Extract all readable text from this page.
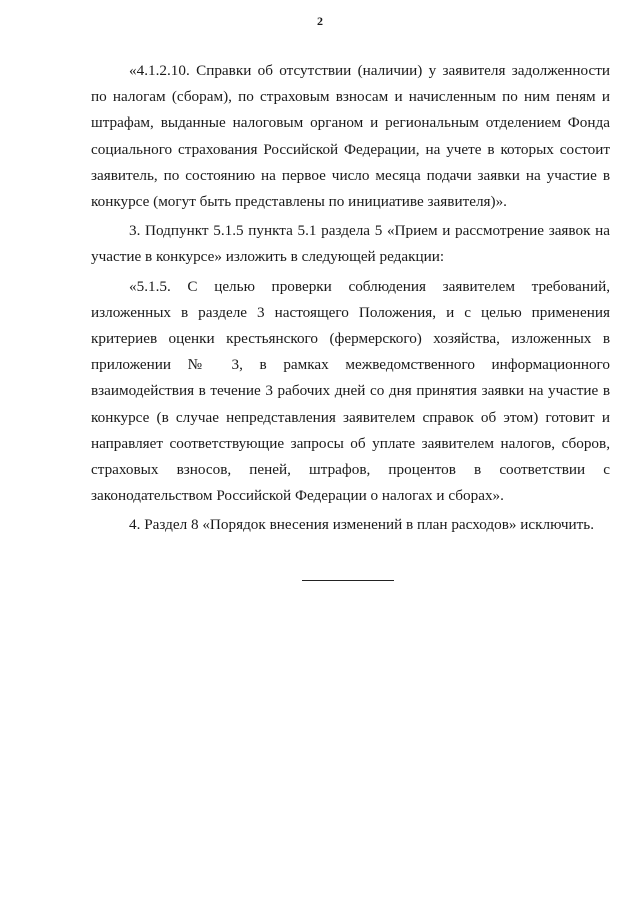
2

«4.1.2.10. Справки об отсутствии (наличии) у заявителя задолженности по налогам (сборам), по страховым взносам и начисленным по ним пеням и штрафам, выданные налоговым органом и региональным отделением Фонда социального страхования Российской Федерации, на учете в которых состоит заявитель, по состоянию на первое число месяца подачи заявки на участие в конкурсе (могут быть представлены по инициативе заявителя)».

3. Подпункт 5.1.5 пункта 5.1 раздела 5 «Прием и рассмотрение заявок на участие в конкурсе» изложить в следующей редакции:

«5.1.5. С целью проверки соблюдения заявителем требований, изложенных в разделе 3 настоящего Положения, и с целью применения критериев оценки крестьянского (фермерского) хозяйства, изложенных в приложении № 3, в рамках межведомственного информационного взаимодействия в течение 3 рабочих дней со дня принятия заявки на участие в конкурсе (в случае непредставления заявителем справок об этом) готовит и направляет соответствующие запросы об уплате заявителем налогов, сборов, страховых взносов, пеней, штрафов, процентов в соответствии с законодательством Российской Федерации о налогах и сборах».

4. Раздел 8 «Порядок внесения изменений в план расходов» исключить.
